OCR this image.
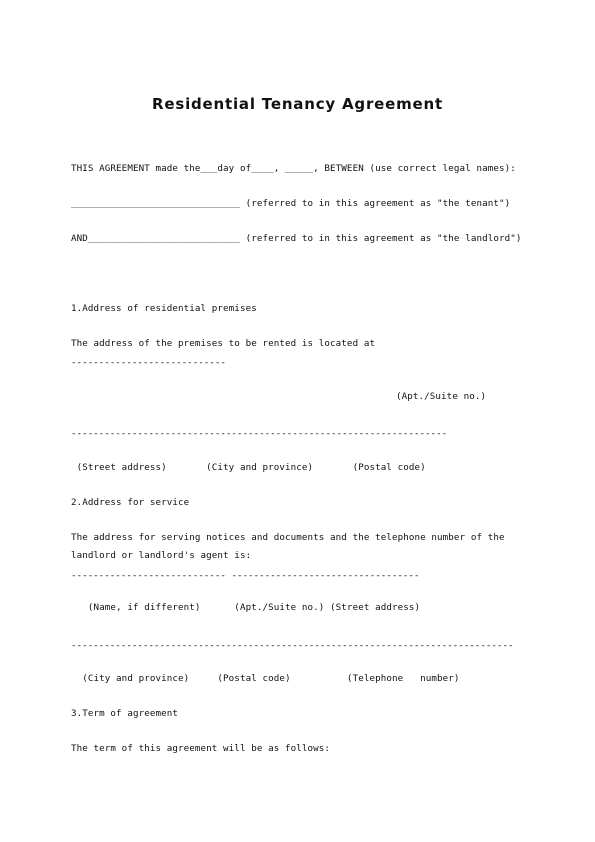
Residential Tenancy Agreement
THIS AGREEMENT made the___day of____, _____, BETWEEN (use correct legal names):
______________________________ (referred to in this agreement as "the tenant")
AND___________________________ (referred to in this agreement as "the landlord")
1.Address of residential premises
The address of the premises to be rented is located at
----------------------------
(Apt./Suite no.)
--------------------------------------------------------------------
(Street address)       (City and province)       (Postal code)
2.Address for service
The address for serving notices and documents and the telephone number of the
landlord or landlord's agent is:
---------------------------- ----------------------------------
(Name, if different)      (Apt./Suite no.) (Street address)
--------------------------------------------------------------------------------
(City and province)     (Postal code)          (Telephone   number)
3.Term of agreement
The term of this agreement will be as follows:
